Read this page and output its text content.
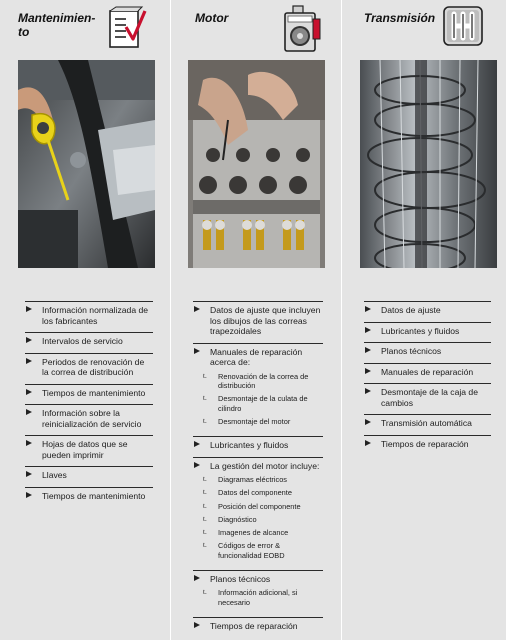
Mantenimien-
to
Información normalizada de los fabricantes
Intervalos de servicio
Periodos de renovación de la correa de distribución
Tiempos de mantenimiento
Información sobre la reinicialización de servicio
Hojas de datos que se pueden imprimir
Llaves
Tiempos de mantenimiento
Motor
Datos de ajuste que incluyen los dibujos de las correas trapezoidales
Manuales de reparación acerca de:
t. Renovación de la correa de distribución
t. Desmontaje de la culata de cilindro
t. Desmontaje del motor
Lubricantes y fluidos
La gestión del motor incluye:
t. Diagramas eléctricos
t. Datos del componente
t. Posición del componente
t. Diagnóstico
t. Imagenes de alcance
t. Códigos de error & funcionalidad EOBD
Planos técnicos
t. Información adicional, si necesario
Tiempos de reparación
Transmisión
Datos de ajuste
Lubricantes y fluidos
Planos técnicos
Manuales de reparación
Desmontaje de la caja de cambios
Transmisión automática
Tiempos de reparación
